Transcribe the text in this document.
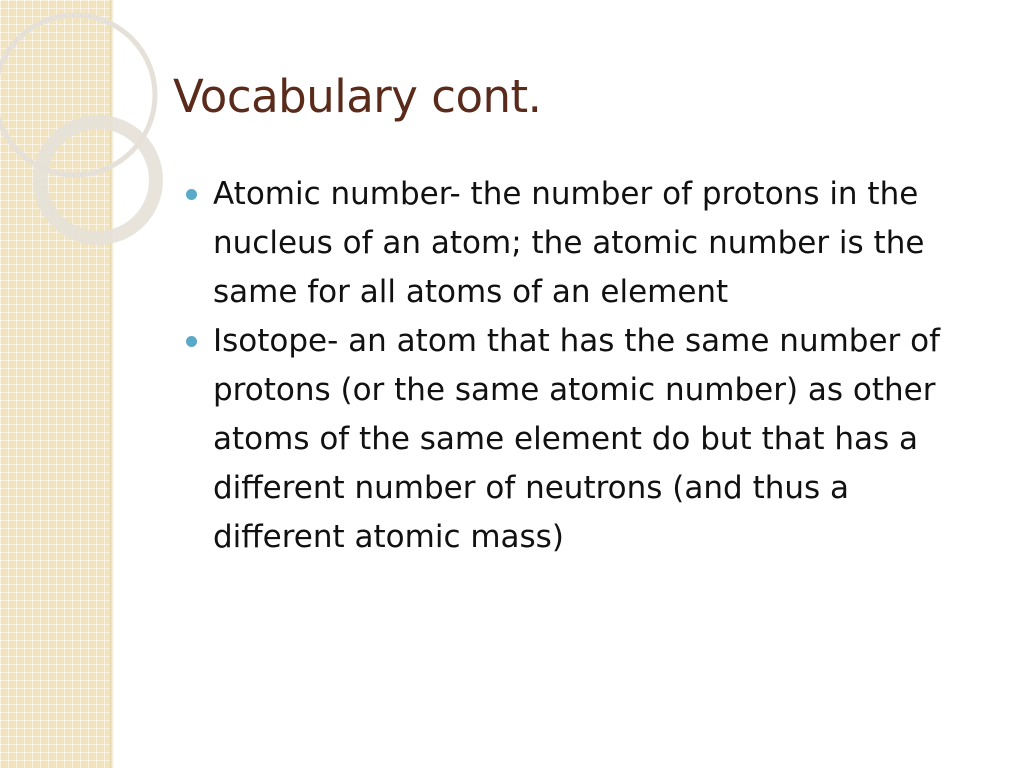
Vocabulary cont.
Atomic number- the number of protons in the nucleus of an atom; the atomic number is the same for all atoms of an element
Isotope- an atom that has the same number of protons (or the same atomic number) as other atoms of the same element do but that has a different number of neutrons (and thus a different atomic mass)
